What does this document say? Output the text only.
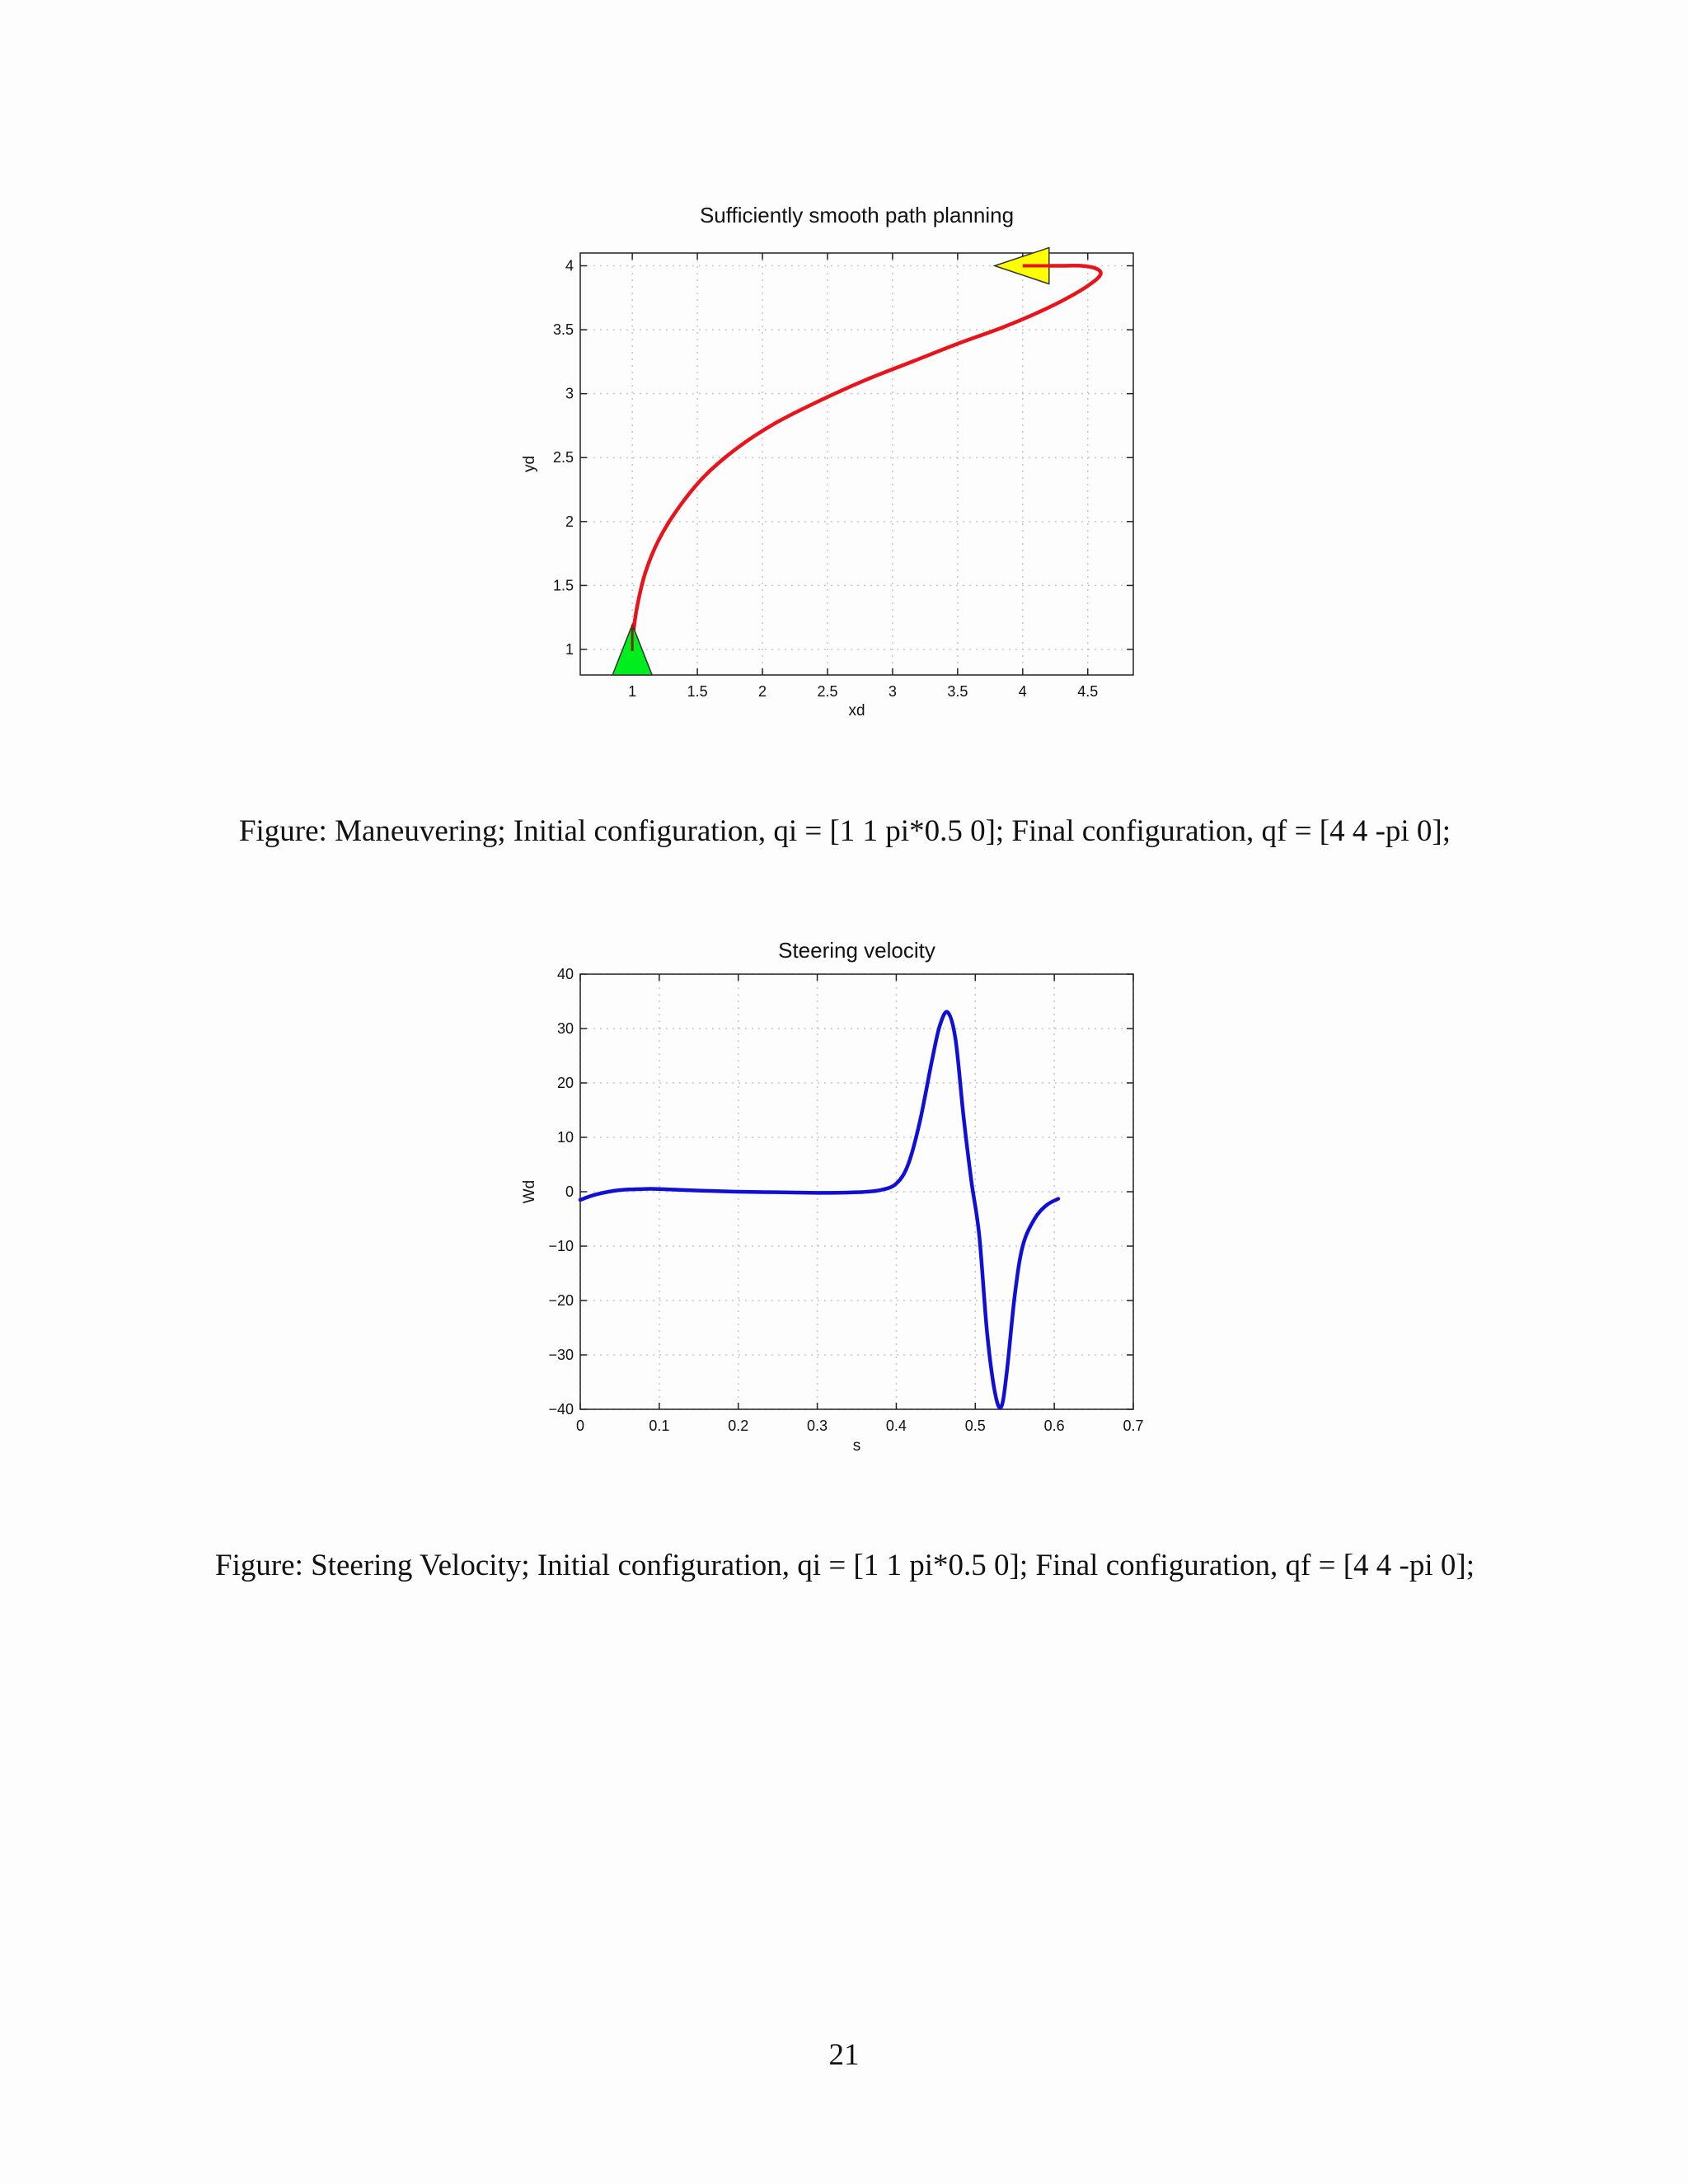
1	1.5	2	2.5	3	3.5	4	4.5
1
1.5
2
2.5
3
3.5
4
Sufficiently smooth path planning
xd
yd
Figure: Maneuvering; Initial configuration, qi = [1 1 pi*0.5 0]; Final configuration, qf = [4 4 -pi 0];
0	0.1	0.2	0.3	0.4	0.5	0.6	0.7
−40
−30
−20
−10
0
10
20
30
40
Steering velocity
s
Wd
Figure: Steering Velocity; Initial configuration, qi = [1 1 pi*0.5 0]; Final configuration, qf = [4 4 -pi 0];
21
